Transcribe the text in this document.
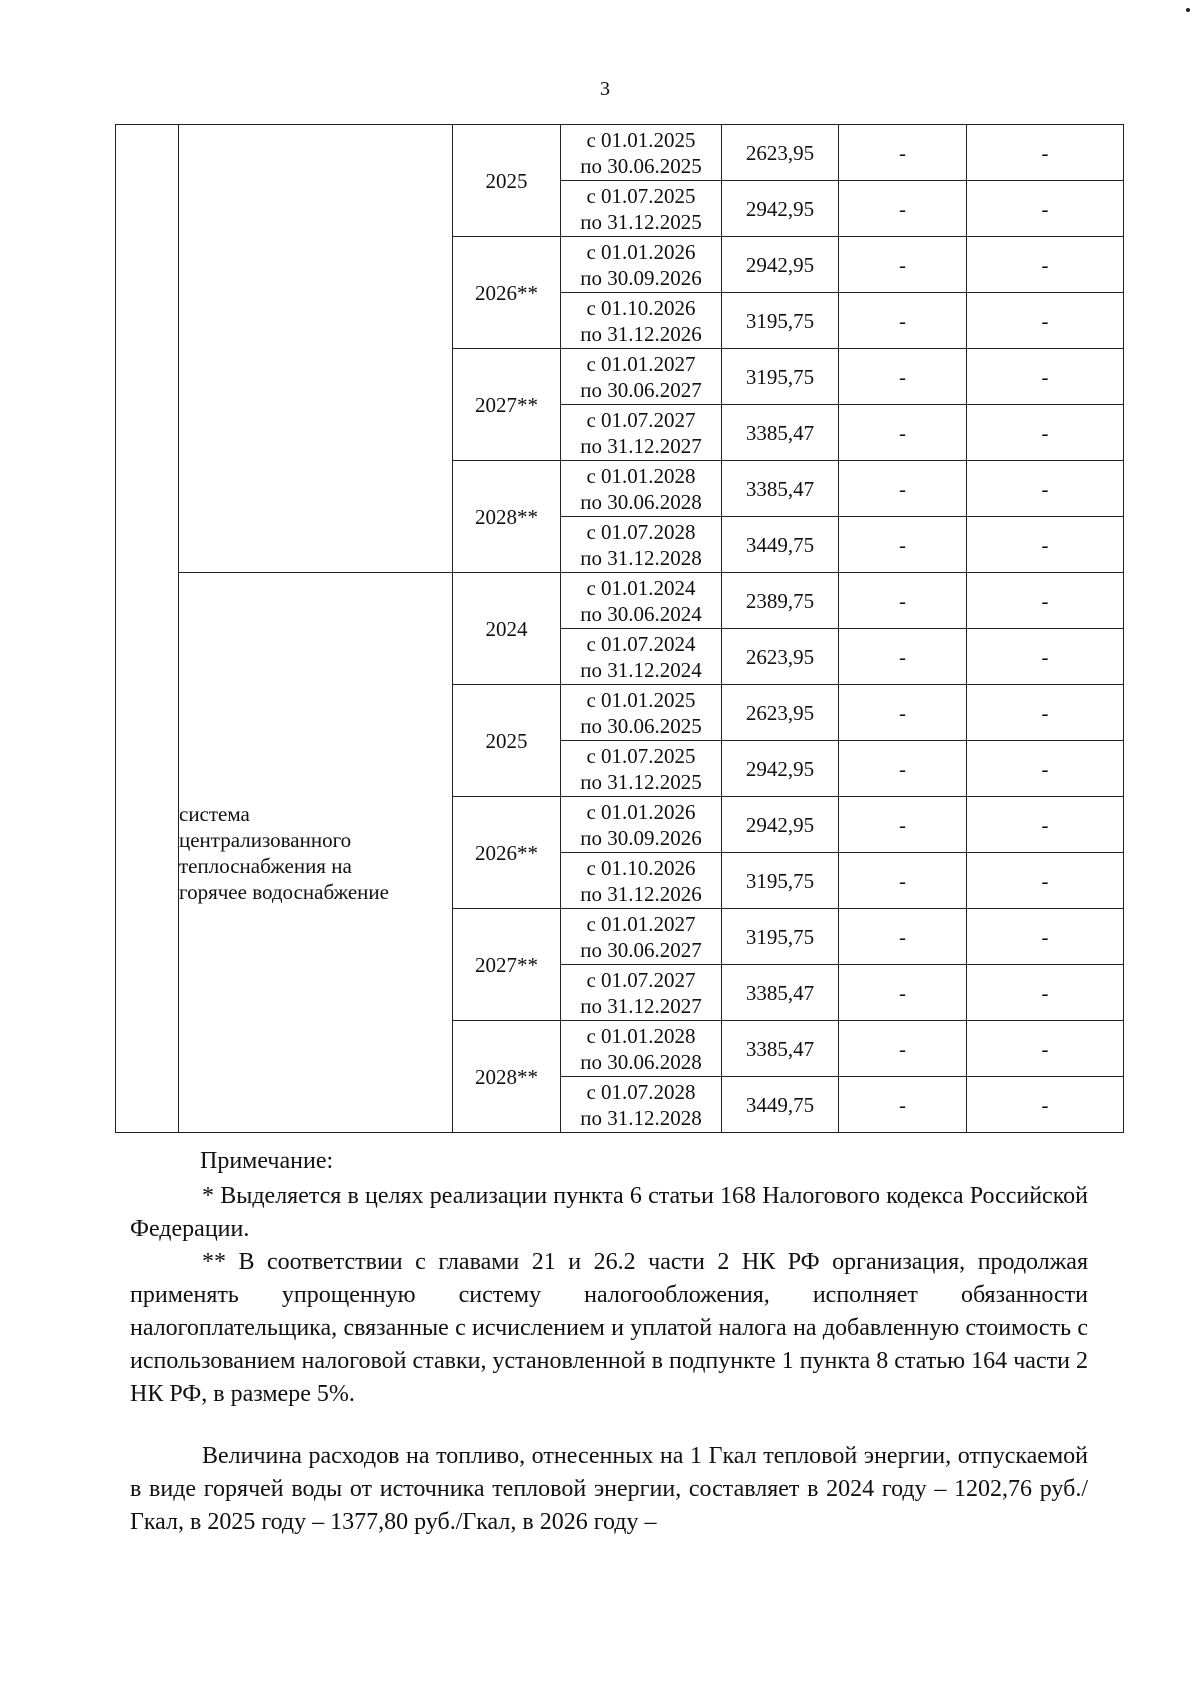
3
		2025	с 01.01.2025
по 30.06.2025	2623,95	-	-

			с 01.07.2025
по 31.12.2025	2942,95	-	-
		2026**	с 01.01.2026
по 30.09.2026	2942,95	-	-

			с 01.10.2026
по 31.12.2026	3195,75	-	-
		2027**	с 01.01.2027
по 30.06.2027	3195,75	-	-

			с 01.07.2027
по 31.12.2027	3385,47	-	-
		2028**	с 01.01.2028
по 30.06.2028	3385,47	-	-

			с 01.07.2028
по 31.12.2028	3449,75	-	-

	система централизованного теплоснабжения на горячее водоснабжение	2024	с 01.01.2024
по 30.06.2024	2389,75	-	-

			с 01.07.2024
по 31.12.2024	2623,95	-	-
		2025	с 01.01.2025
по 30.06.2025	2623,95	-	-

			с 01.07.2025
по 31.12.2025	2942,95	-	-
		2026**	с 01.01.2026
по 30.09.2026	2942,95	-	-

			с 01.10.2026
по 31.12.2026	3195,75	-	-
		2027**	с 01.01.2027
по 30.06.2027	3195,75	-	-

			с 01.07.2027
по 31.12.2027	3385,47	-	-
		2028**	с 01.01.2028
по 30.06.2028	3385,47	-	-

			с 01.07.2028
по 31.12.2028	3449,75	-	-
Примечание:
* Выделяется в целях реализации пункта 6 статьи 168 Налогового кодекса Российской Федерации.
** В соответствии с главами 21 и 26.2 части 2 НК РФ организация, продолжая применять упрощенную систему налогообложения, исполняет обязанности налогоплательщика, связанные с исчислением и уплатой налога на добавленную стоимость с использованием налоговой ставки, установленной в подпункте 1 пункта 8 статью 164 части 2 НК РФ, в размере 5%.
Величина расходов на топливо, отнесенных на 1 Гкал тепловой энергии, отпускаемой в виде горячей воды от источника тепловой энергии, составляет в 2024 году – 1202,76 руб./Гкал, в 2025 году – 1377,80 руб./Гкал, в 2026 году –
